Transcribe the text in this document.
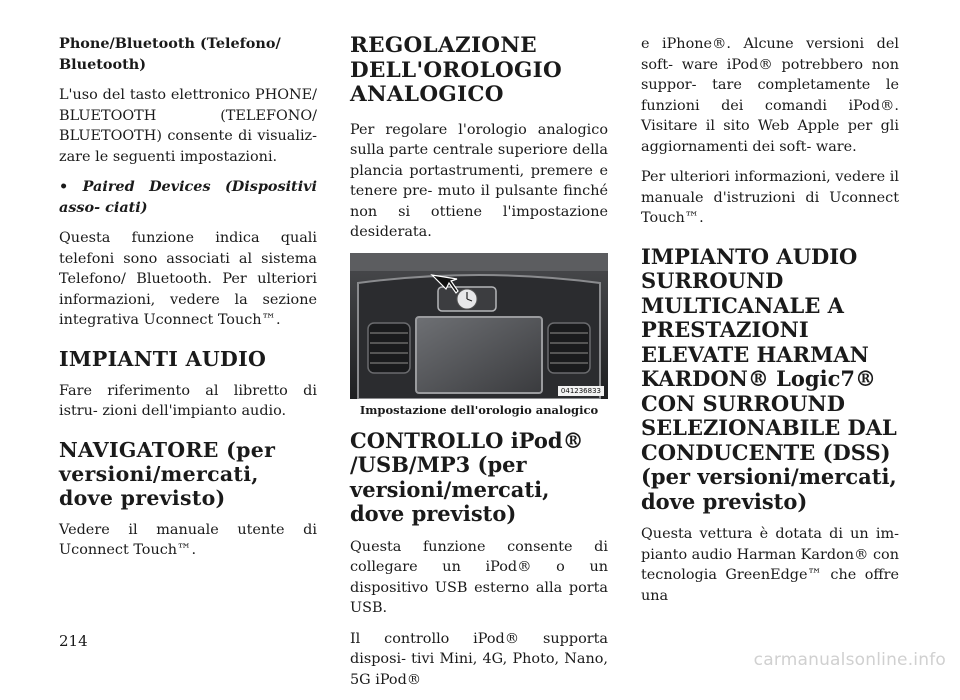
Phone/Bluetooth (Telefono/ Bluetooth)
L'uso del tasto elettronico PHONE/ BLUETOOTH (TELEFONO/ BLUETOOTH) consente di visualiz- zare le seguenti impostazioni.
• Paired Devices (Dispositivi asso- ciati)
Questa funzione indica quali telefoni sono associati al sistema Telefono/ Bluetooth. Per ulteriori informazioni, vedere la sezione integrativa Uconnect Touch™.
IMPIANTI AUDIO
Fare riferimento al libretto di istru- zioni dell'impianto audio.
NAVIGATORE (per versioni/mercati, dove previsto)
Vedere il manuale utente di Uconnect Touch™.
REGOLAZIONE DELL'OROLOGIO ANALOGICO
Per regolare l'orologio analogico sulla parte centrale superiore della plancia portastrumenti, premere e tenere pre- muto il pulsante finché non si ottiene l'impostazione desiderata.
041236833
Impostazione dell'orologio analogico
CONTROLLO iPod® /USB/MP3 (per versioni/mercati, dove previsto)
Questa funzione consente di collegare un iPod® o un dispositivo USB esterno alla porta USB.
Il controllo iPod® supporta disposi- tivi Mini, 4G, Photo, Nano, 5G iPod®
e iPhone®. Alcune versioni del soft- ware iPod® potrebbero non suppor- tare completamente le funzioni dei comandi iPod®. Visitare il sito Web Apple per gli aggiornamenti dei soft- ware.
Per ulteriori informazioni, vedere il manuale d'istruzioni di Uconnect Touch™.
IMPIANTO AUDIO SURROUND MULTICANALE A PRESTAZIONI ELEVATE HARMAN KARDON® Logic7® CON SURROUND SELEZIONABILE DAL CONDUCENTE (DSS) (per versioni/mercati, dove previsto)
Questa vettura è dotata di un im- pianto audio Harman Kardon® con tecnologia GreenEdge™ che offre una
214
carmanualsonline.info
